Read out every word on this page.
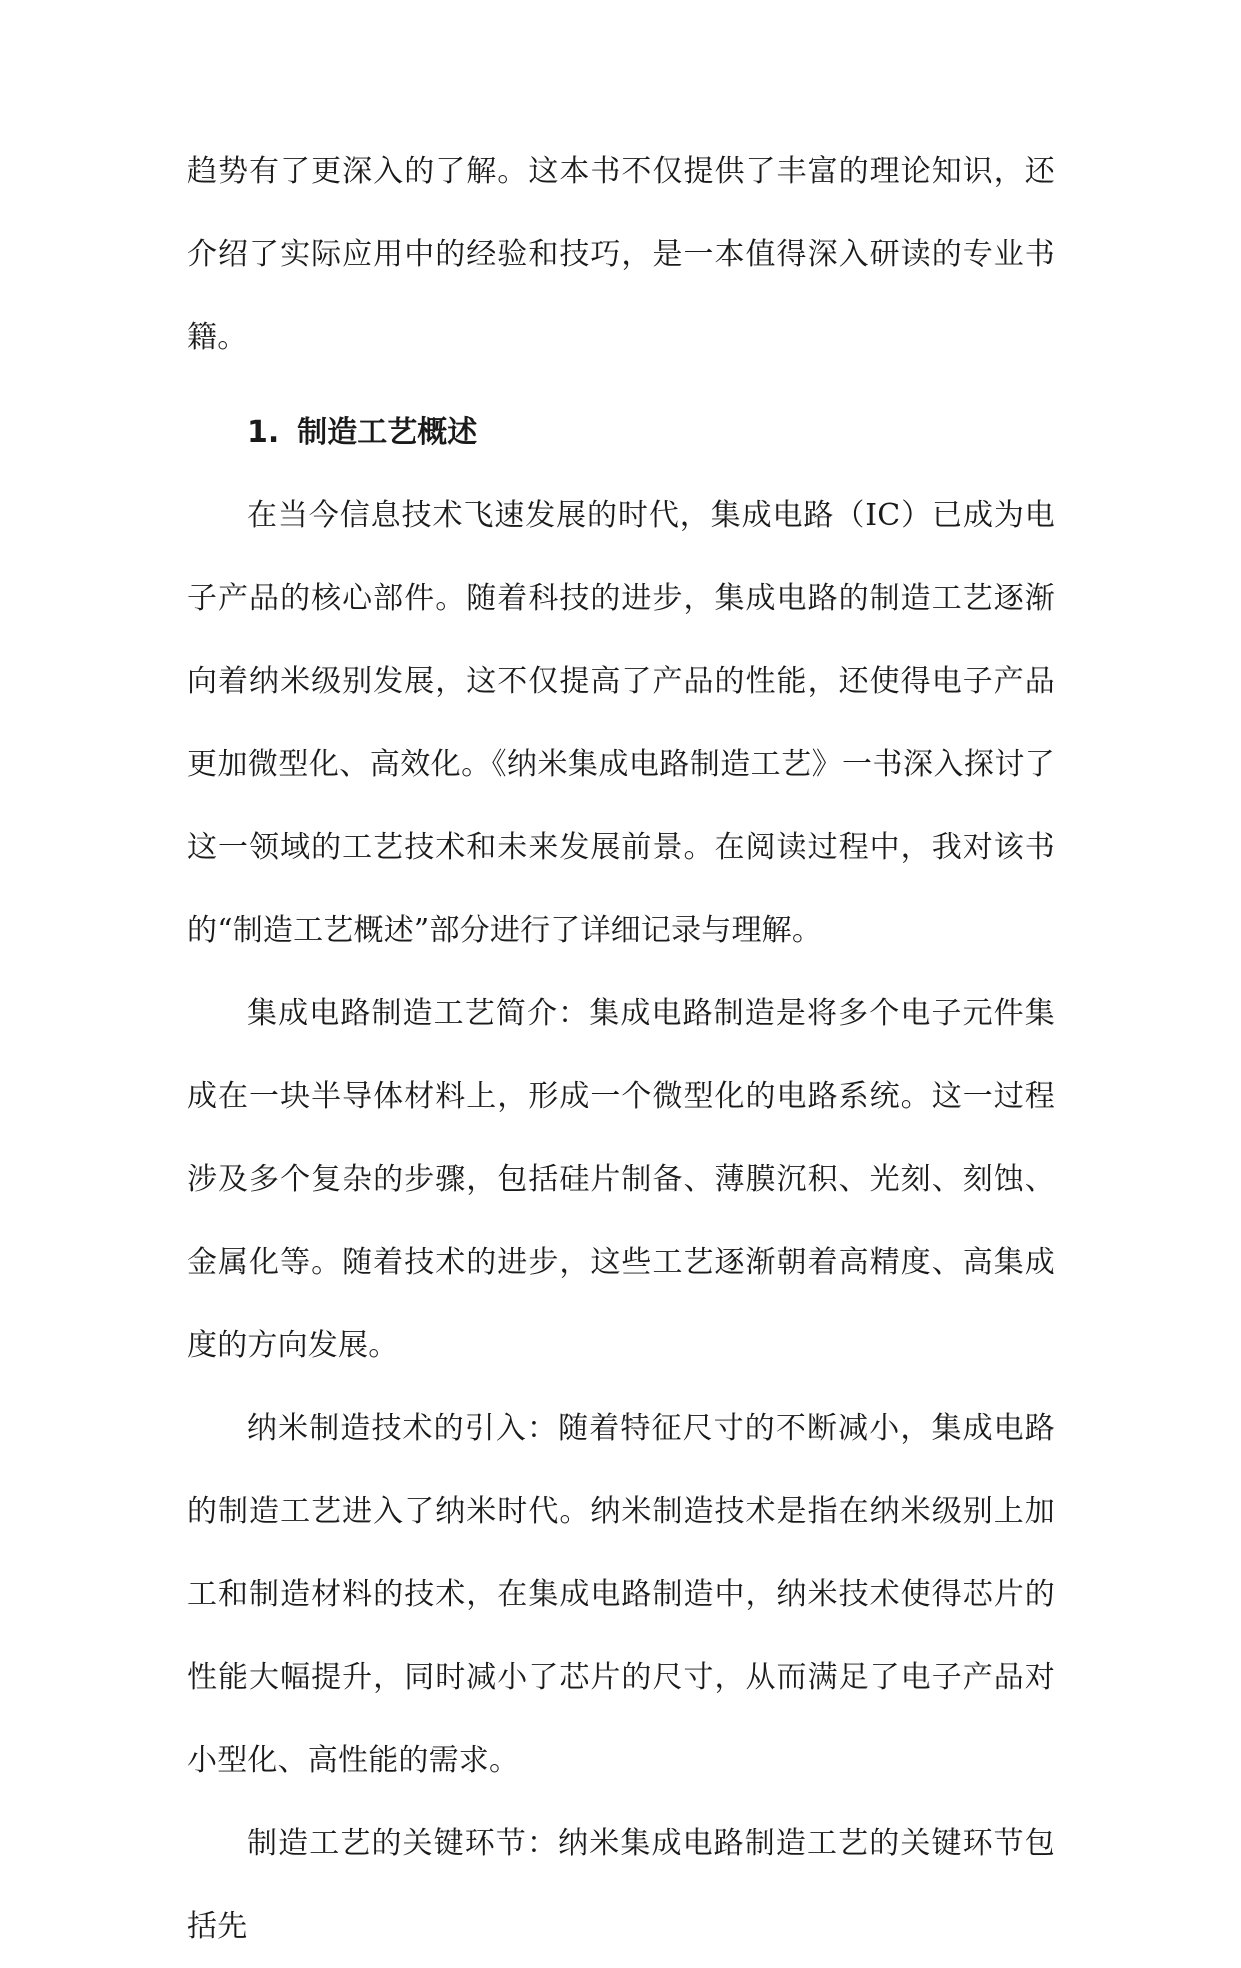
趋势有了更深入的了解。这本书不仅提供了丰富的理论知识，还介绍了实际应用中的经验和技巧，是一本值得深入研读的专业书籍。

1. 制造工艺概述

在当今信息技术飞速发展的时代，集成电路（IC）已成为电子产品的核心部件。随着科技的进步，集成电路的制造工艺逐渐向着纳米级别发展，这不仅提高了产品的性能，还使得电子产品更加微型化、高效化。《纳米集成电路制造工艺》一书深入探讨了这一领域的工艺技术和未来发展前景。在阅读过程中，我对该书的“制造工艺概述”部分进行了详细记录与理解。

集成电路制造工艺简介：集成电路制造是将多个电子元件集成在一块半导体材料上，形成一个微型化的电路系统。这一过程涉及多个复杂的步骤，包括硅片制备、薄膜沉积、光刻、刻蚀、金属化等。随着技术的进步，这些工艺逐渐朝着高精度、高集成度的方向发展。

纳米制造技术的引入：随着特征尺寸的不断减小，集成电路的制造工艺进入了纳米时代。纳米制造技术是指在纳米级别上加工和制造材料的技术，在集成电路制造中，纳米技术使得芯片的性能大幅提升，同时减小了芯片的尺寸，从而满足了电子产品对小型化、高性能的需求。

制造工艺的关键环节：纳米集成电路制造工艺的关键环节包括先
